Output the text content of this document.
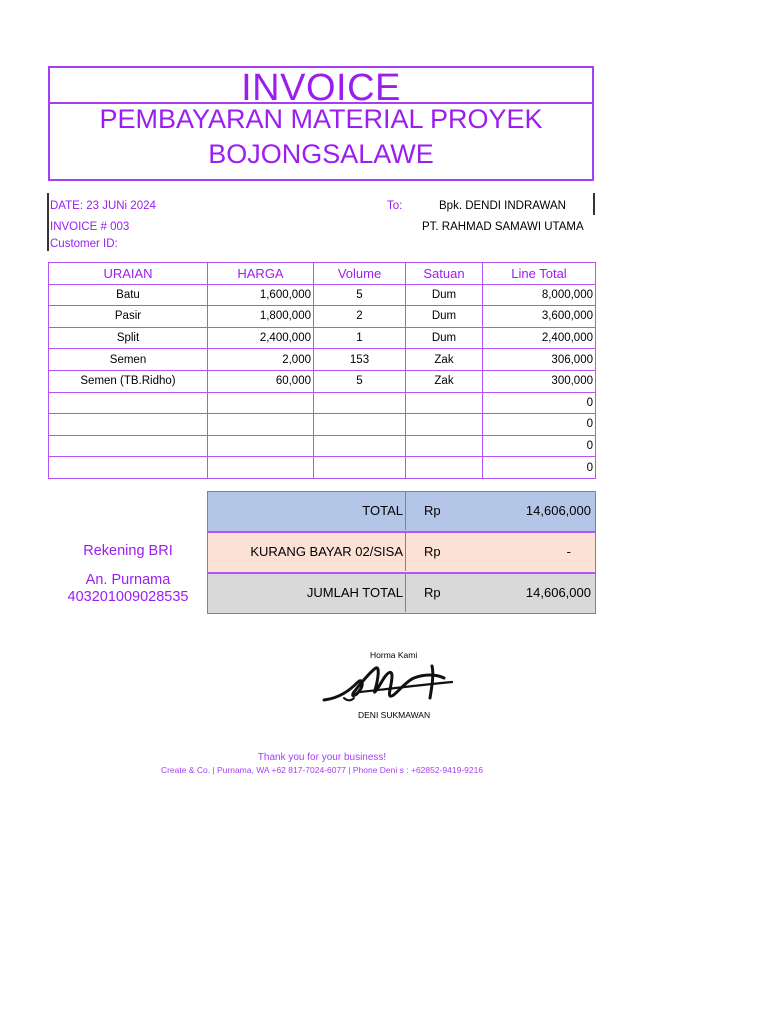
INVOICE
PEMBAYARAN MATERIAL PROYEK
BOJONGSALAWE
DATE: 23 JUNi 2024
INVOICE # 003
Customer ID:
To:	Bpk. DENDI INDRAWAN
PT. RAHMAD SAMAWI UTAMA
URAIAN	HARGA	Volume	Satuan	Line Total
Batu	1,600,000	5	Dum	8,000,000
Pasir	1,800,000	2	Dum	3,600,000
Split	2,400,000	1	Dum	2,400,000
Semen	2,000	153	Zak	306,000
Semen (TB.Ridho)	60,000	5	Zak	300,000
				0
				0
				0
				0
TOTAL Rp	14,606,000
KURANG BAYAR 02/SISA Rp	-
JUMLAH TOTAL Rp	14,606,000
Rekening BRI
An. Purnama
403201009028535
Horma Kami
DENI SUKMAWAN
Thank you for your business!
Create & Co. | Purnama, WA +62 817-7024-6077 | Phone Deni s : +62852-9419-9216
